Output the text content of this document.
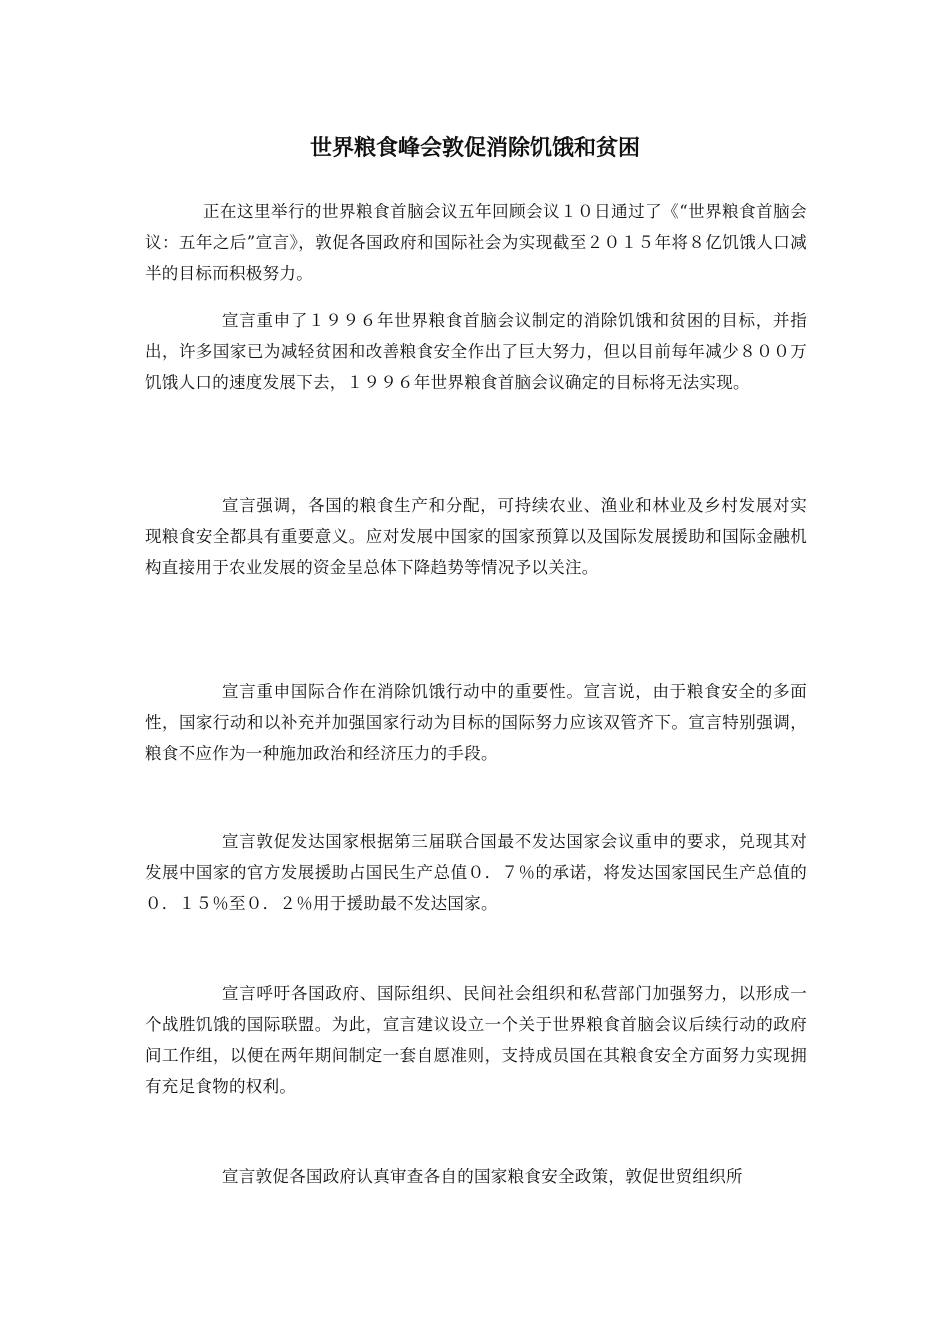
世界粮食峰会敦促消除饥饿和贫困

正在这里举行的世界粮食首脑会议五年回顾会议１０日通过了《“世界粮食首脑会议：五年之后”宣言》，敦促各国政府和国际社会为实现截至２０１５年将８亿饥饿人口减半的目标而积极努力。

宣言重申了１９９６年世界粮食首脑会议制定的消除饥饿和贫困的目标，并指出，许多国家已为减轻贫困和改善粮食安全作出了巨大努力，但以目前每年减少８００万饥饿人口的速度发展下去，１９９６年世界粮食首脑会议确定的目标将无法实现。

宣言强调，各国的粮食生产和分配，可持续农业、渔业和林业及乡村发展对实现粮食安全都具有重要意义。应对发展中国家的国家预算以及国际发展援助和国际金融机构直接用于农业发展的资金呈总体下降趋势等情况予以关注。

宣言重申国际合作在消除饥饿行动中的重要性。宣言说，由于粮食安全的多面性，国家行动和以补充并加强国家行动为目标的国际努力应该双管齐下。宣言特别强调，粮食不应作为一种施加政治和经济压力的手段。

宣言敦促发达国家根据第三届联合国最不发达国家会议重申的要求，兑现其对发展中国家的官方发展援助占国民生产总值０．７％的承诺，将发达国家国民生产总值的０．１５％至０．２％用于援助最不发达国家。

宣言呼吁各国政府、国际组织、民间社会组织和私营部门加强努力，以形成一个战胜饥饿的国际联盟。为此，宣言建议设立一个关于世界粮食首脑会议后续行动的政府间工作组，以便在两年期间制定一套自愿准则，支持成员国在其粮食安全方面努力实现拥有充足食物的权利。

宣言敦促各国政府认真审查各自的国家粮食安全政策，敦促世贸组织所
